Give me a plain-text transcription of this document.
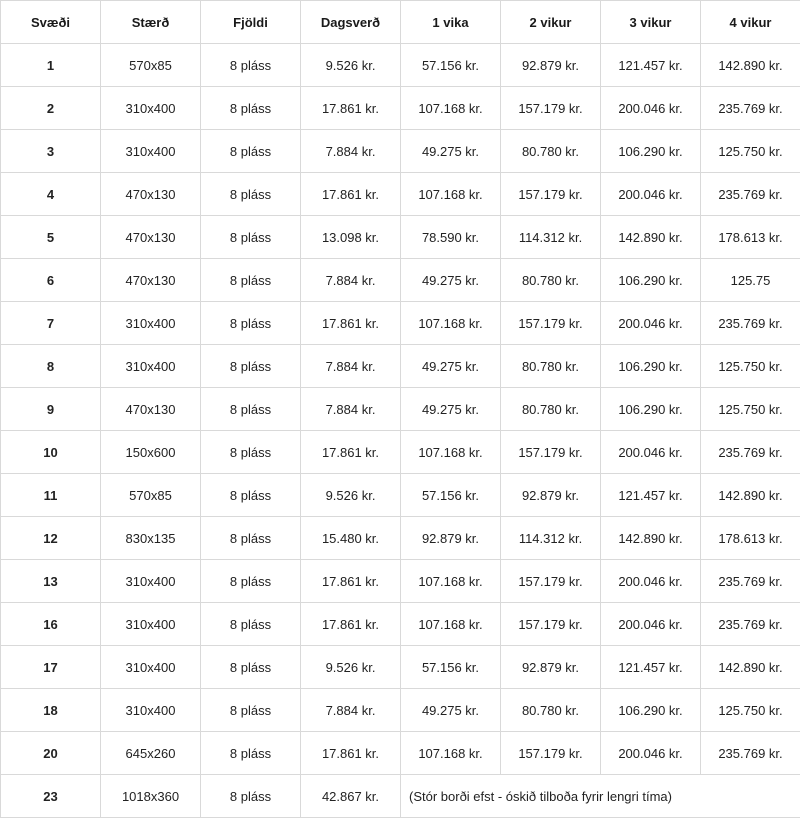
Svæði	Stærð	Fjöldi	Dagsverð	1 vika	2 vikur	3 vikur	4 vikur
1	570x85	8 pláss	9.526 kr.	57.156 kr.	92.879 kr.	121.457 kr.	142.890 kr.
2	310x400	8 pláss	17.861 kr.	107.168 kr.	157.179 kr.	200.046 kr.	235.769 kr.
3	310x400	8 pláss	7.884 kr.	49.275 kr.	80.780 kr.	106.290 kr.	125.750 kr.
4	470x130	8 pláss	17.861 kr.	107.168 kr.	157.179 kr.	200.046 kr.	235.769 kr.
5	470x130	8 pláss	13.098 kr.	78.590 kr.	114.312 kr.	142.890 kr.	178.613 kr.
6	470x130	8 pláss	7.884 kr.	49.275 kr.	80.780 kr.	106.290 kr.	125.75
7	310x400	8 pláss	17.861 kr.	107.168 kr.	157.179 kr.	200.046 kr.	235.769 kr.
8	310x400	8 pláss	7.884 kr.	49.275 kr.	80.780 kr.	106.290 kr.	125.750 kr.
9	470x130	8 pláss	7.884 kr.	49.275 kr.	80.780 kr.	106.290 kr.	125.750 kr.
10	150x600	8 pláss	17.861 kr.	107.168 kr.	157.179 kr.	200.046 kr.	235.769 kr.
11	570x85	8 pláss	9.526 kr.	57.156 kr.	92.879 kr.	121.457 kr.	142.890 kr.
12	830x135	8 pláss	15.480 kr.	92.879 kr.	114.312 kr.	142.890 kr.	178.613 kr.
13	310x400	8 pláss	17.861 kr.	107.168 kr.	157.179 kr.	200.046 kr.	235.769 kr.
16	310x400	8 pláss	17.861 kr.	107.168 kr.	157.179 kr.	200.046 kr.	235.769 kr.
17	310x400	8 pláss	9.526 kr.	57.156 kr.	92.879 kr.	121.457 kr.	142.890 kr.
18	310x400	8 pláss	7.884 kr.	49.275 kr.	80.780 kr.	106.290 kr.	125.750 kr.
20	645x260	8 pláss	17.861 kr.	107.168 kr.	157.179 kr.	200.046 kr.	235.769 kr.
23	1018x360	8 pláss	42.867 kr.	(Stór borði efst - óskið tilboða fyrir lengri tíma)			
